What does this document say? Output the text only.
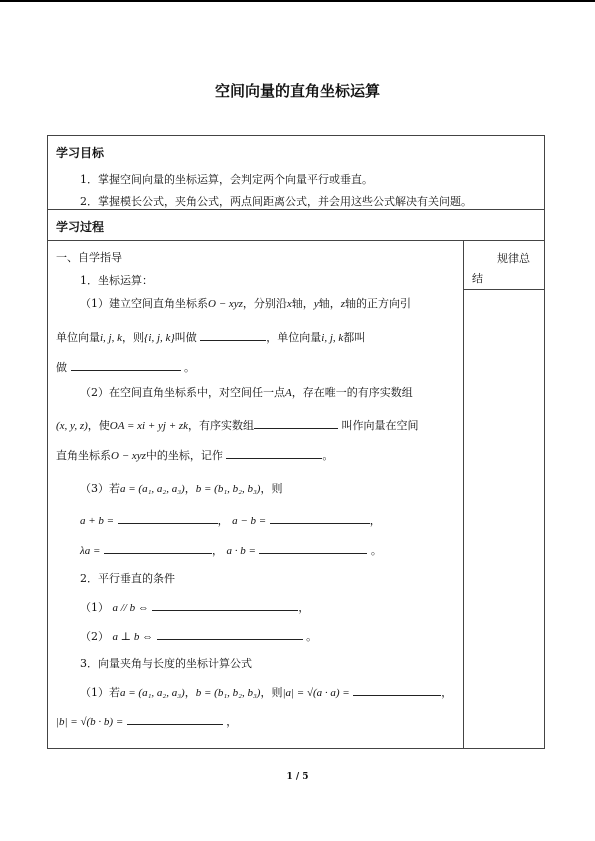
空间向量的直角坐标运算
学习目标
1．掌握空间向量的坐标运算，会判定两个向量平行或垂直。
2．掌握模长公式，夹角公式，两点间距离公式，并会用这些公式解决有关问题。
学习过程
规律总结
一、自学指导
1．坐标运算：
（1）建立空间直角坐标系O − xyz，分别沿x轴，y轴，z轴的正方向引
单位向量i, j, k，则{i, j, k}叫做	，单位向量i, j, k都叫
做	。
（2）在空间直角坐标系中，对空间任一点A，存在唯一的有序实数组
(x, y, z)，使OA = xi + yj + zk，有序实数组	叫作向量在空间
直角坐标系O − xyz中的坐标，记作	。
（3）若a = (a₁, a₂, a₃)，b = (b₁, b₂, b₃)，则
a + b =	， a − b =	，
λa =	， a · b =	。
2．平行垂直的条件
（1） a // b ⇔	，
（2） a ⊥ b ⇔	。
3．向量夹角与长度的坐标计算公式
（1）若a = (a₁, a₂, a₃)，b = (b₁, b₂, b₃)，则|a| = √(a · a) =	，
|b| = √(b · b) =	，
1 / 5
